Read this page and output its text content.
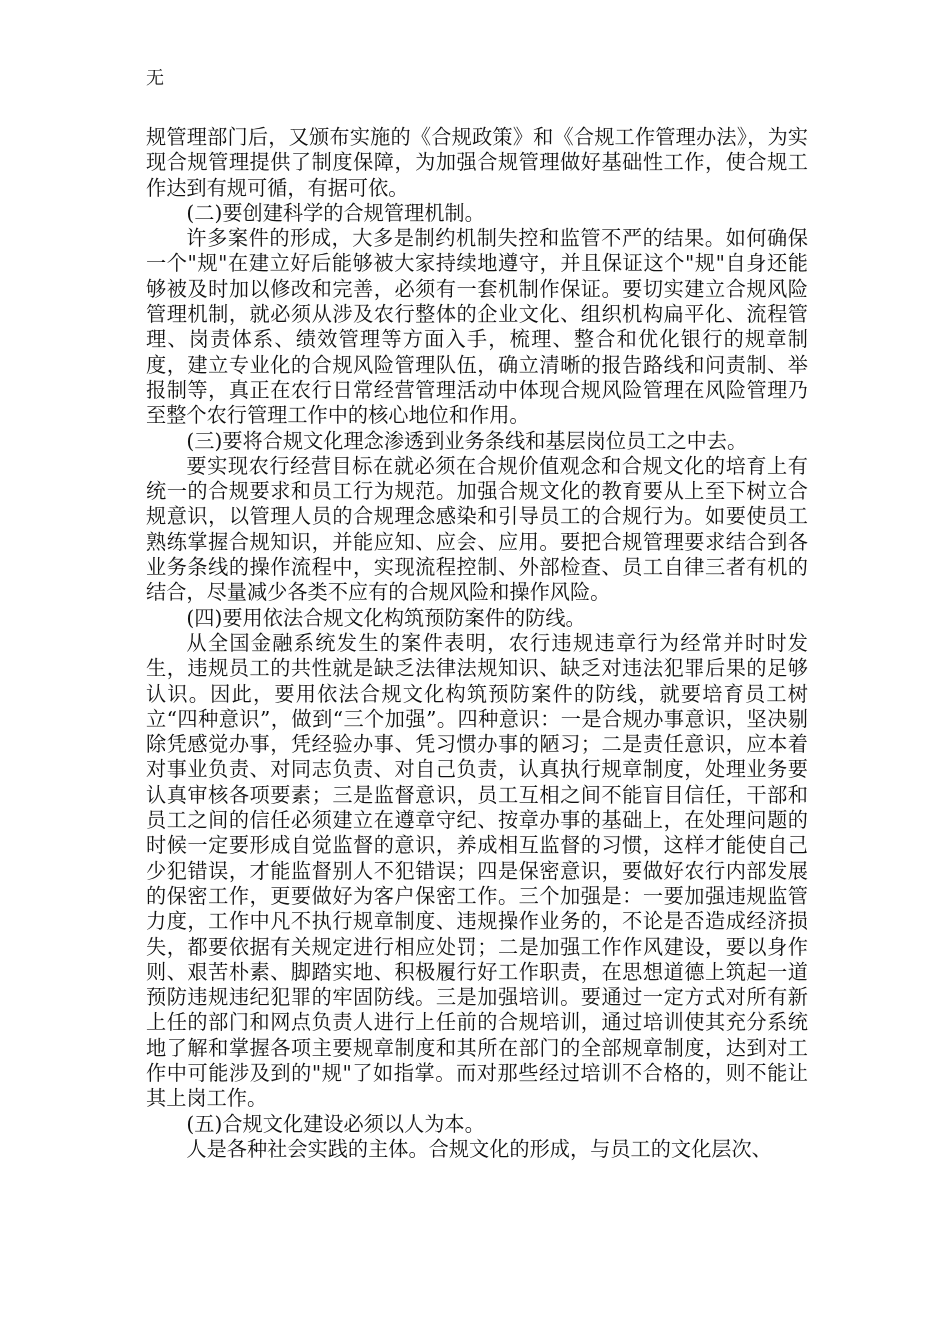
无

规管理部门后，又颁布实施的《合规政策》和《合规工作管理办法》，为实现合规管理提供了制度保障，为加强合规管理做好基础性工作，使合规工作达到有规可循，有据可依。

(二)要创建科学的合规管理机制。

许多案件的形成，大多是制约机制失控和监管不严的结果。如何确保一个"规"在建立好后能够被大家持续地遵守，并且保证这个"规"自身还能够被及时加以修改和完善，必须有一套机制作保证。要切实建立合规风险管理机制，就必须从涉及农行整体的企业文化、组织机构扁平化、流程管理、岗责体系、绩效管理等方面入手，梳理、整合和优化银行的规章制度，建立专业化的合规风险管理队伍，确立清晰的报告路线和问责制、举报制等，真正在农行日常经营管理活动中体现合规风险管理在风险管理乃至整个农行管理工作中的核心地位和作用。

(三)要将合规文化理念渗透到业务条线和基层岗位员工之中去。

要实现农行经营目标在就必须在合规价值观念和合规文化的培育上有统一的合规要求和员工行为规范。加强合规文化的教育要从上至下树立合规意识，以管理人员的合规理念感染和引导员工的合规行为。如要使员工熟练掌握合规知识，并能应知、应会、应用。要把合规管理要求结合到各业务条线的操作流程中，实现流程控制、外部检查、员工自律三者有机的结合，尽量减少各类不应有的合规风险和操作风险。

(四)要用依法合规文化构筑预防案件的防线。

从全国金融系统发生的案件表明，农行违规违章行为经常并时时发生，违规员工的共性就是缺乏法律法规知识、缺乏对违法犯罪后果的足够认识。因此，要用依法合规文化构筑预防案件的防线，就要培育员工树立“四种意识”，做到“三个加强”。四种意识：一是合规办事意识，坚决剔除凭感觉办事，凭经验办事、凭习惯办事的陋习；二是责任意识，应本着对事业负责、对同志负责、对自己负责，认真执行规章制度，处理业务要认真审核各项要素；三是监督意识，员工互相之间不能盲目信任，干部和员工之间的信任必须建立在遵章守纪、按章办事的基础上，在处理问题的时候一定要形成自觉监督的意识，养成相互监督的习惯，这样才能使自己少犯错误，才能监督别人不犯错误；四是保密意识，要做好农行内部发展的保密工作，更要做好为客户保密工作。三个加强是：一要加强违规监管力度，工作中凡不执行规章制度、违规操作业务的，不论是否造成经济损失，都要依据有关规定进行相应处罚；二是加强工作作风建设，要以身作则、艰苦朴素、脚踏实地、积极履行好工作职责，在思想道德上筑起一道预防违规违纪犯罪的牢固防线。三是加强培训。要通过一定方式对所有新上任的部门和网点负责人进行上任前的合规培训，通过培训使其充分系统地了解和掌握各项主要规章制度和其所在部门的全部规章制度，达到对工作中可能涉及到的"规"了如指掌。而对那些经过培训不合格的，则不能让其上岗工作。

(五)合规文化建设必须以人为本。

人是各种社会实践的主体。合规文化的形成，与员工的文化层次、
